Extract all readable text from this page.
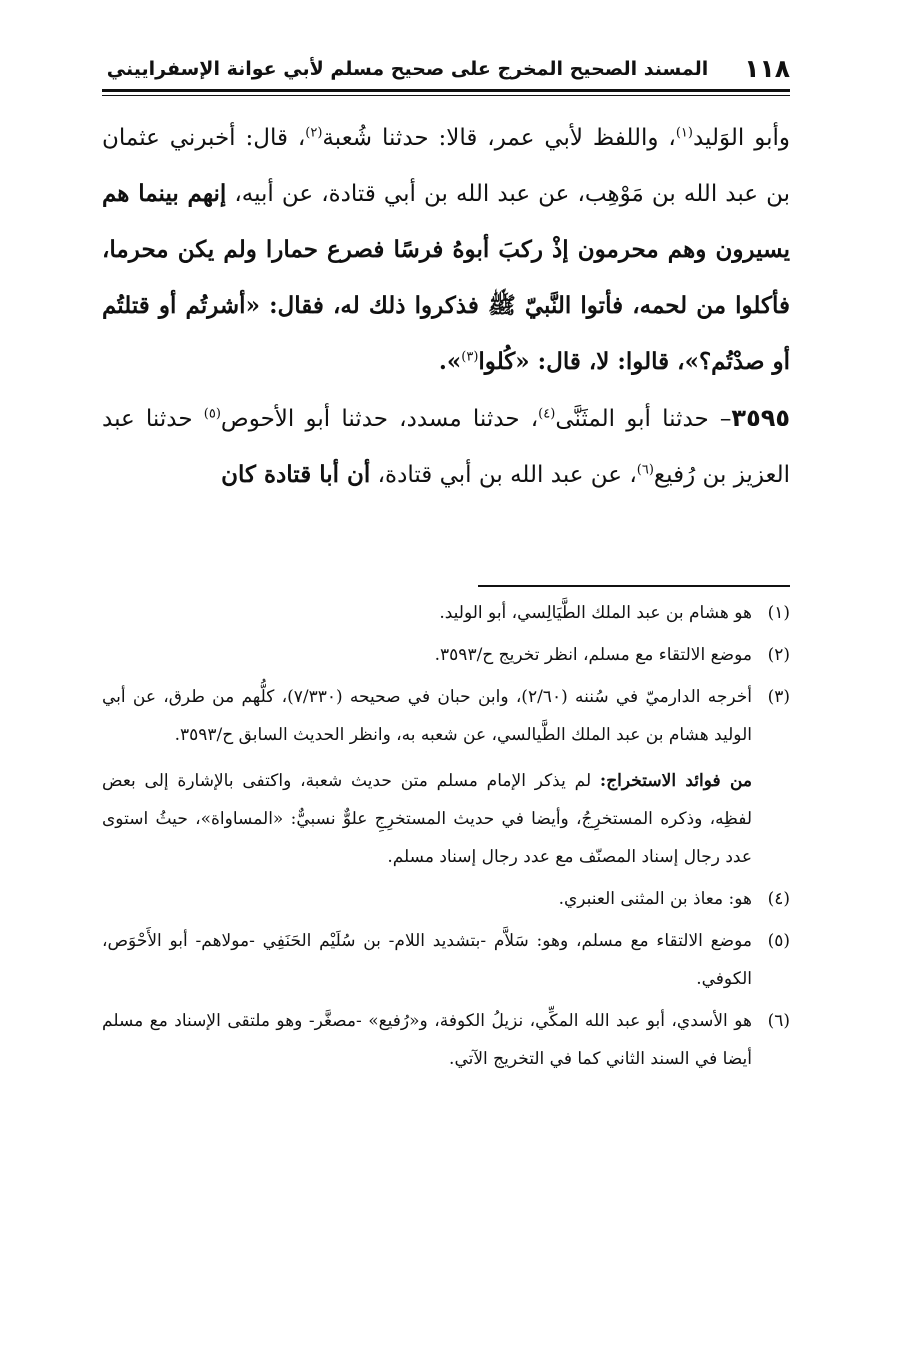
١١٨
المسند الصحيح المخرج على صحيح مسلم لأبي عوانة الإسفراييني

وأبو الوَليد$^{(١)}$، واللفظ لأبي عمر، قالا: حدثنا شُعبة$^{(٢)}$، قال: أخبرني عثمان بن عبد الله بن مَوْهِب، عن عبد الله بن أبي قتادة، عن أبيه، إنهم بينما هم يسيرون وهم محرمون إذْ ركبَ أبوهُ فرسًا فصرع حمارا ولم يكن محرما، فأكلوا من لحمه، فأتوا النَّبيّ ﷺ فذكروا ذلك له، فقال: «أشرتُم أو قتلتُم أو صدْتُم؟»، قالوا: لا، قال: «كُلوا$^{(٣)}$».

٣٥٩٥– حدثنا أبو المثَنَّى$^{(٤)}$، حدثنا مسدد، حدثنا أبو الأحوص$^{(٥)}$ حدثنا عبد العزيز بن رُفيع$^{(٦)}$، عن عبد الله بن أبي قتادة، أن أبا قتادة كان

(١)هو هشام بن عبد الملك الطَّيَالِسي، أبو الوليد.

(٢)موضع الالتقاء مع مسلم، انظر تخريج ح/٣٥٩٣.

(٣)أخرجه الدارميّ في سُننه (٢/٦٠)، وابن حبان في صحيحه (٧/٣٣٠)، كلُّهم من طرق، عن أبي الوليد هشام بن عبد الملك الطَّيالسي، عن شعبه به، وانظر الحديث السابق ح/٣٥٩٣.

من فوائد الاستخراج: لم يذكر الإمام مسلم متن حديث شعبة، واكتفى بالإشارة إلى بعض لفظِه، وذكره المستخرِجُ، وأيضا في حديث المستخرِجِ علوٌّ نسبيٌّ: «المساواة»، حيثُ استوى عدد رجال إسناد المصنّف مع عدد رجال إسناد مسلم.

(٤)هو: معاذ بن المثنى العنبري.

(٥)موضع الالتقاء مع مسلم، وهو: سَلاَّم -بتشديد اللام- بن سُلَيْم الحَنَفِي -مولاهم- أبو الأَحْوَص، الكوفي.

(٦)هو الأسدي، أبو عبد الله المكِّي، نزيلُ الكوفة، و«رُفيع» -مصغَّر- وهو ملتقى الإسناد مع مسلم أيضا في السند الثاني كما في التخريج الآتي.
